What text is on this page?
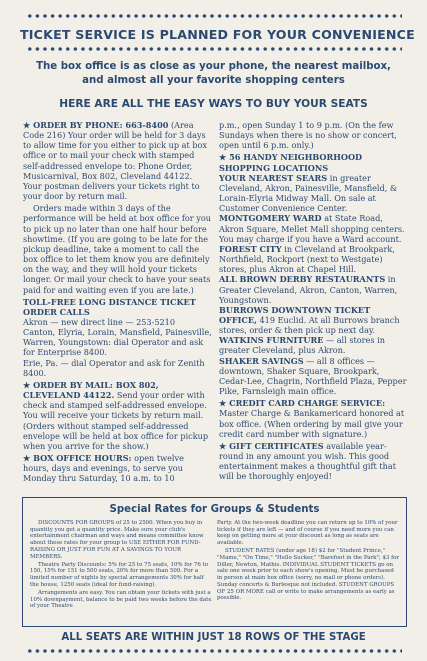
TICKET SERVICE IS PLANNED FOR YOUR CONVENIENCE
The box office is as close as your phone, the nearest mailbox,
and almost all your favorite shopping centers
HERE ARE ALL THE EASY WAYS TO BUY YOUR SEATS

★ ORDER BY PHONE: 663-8400 (Area Code 216) Your order will be held for 3 days to allow time for you either to pick up at box office or to mail your check with stamped self-addressed envelope to: Phone Order, Musicarnival, Box 802, Cleveland 44122. Your postman delivers your tickets right to your door by return mail.

Orders made within 3 days of the performance will be held at box office for you to pick up no later than one half hour before showtime. (If you are going to be late for the pickup deadline, take a moment to call the box office to let them know you are definitely on the way, and they will hold your tickets longer. Or mail your check to have your seats paid for and waiting even if you are late.)

TOLL-FREE LONG DISTANCE TICKET ORDER CALLS

Akron — new direct line — 253-5210

Canton, Elyria, Lorain, Mansfield, Painesville, Warren, Youngstown: dial Operator and ask for Enterprise 8400.

Erie, Pa. — dial Operator and ask for Zenith 8400.

★ ORDER BY MAIL: BOX 802, CLEVELAND 44122. Send your order with check and stamped self-addressed envelope. You will receive your tickets by return mail. (Orders without stamped self-addressed envelope will be held at box office for pickup when you arrive for the show.)

★ BOX OFFICE HOURS: open twelve hours, days and evenings, to serve you Monday thru Saturday, 10 a.m. to 10

p.m., open Sunday 1 to 9 p.m. (On the few Sundays when there is no show or concert, open until 6 p.m. only.)

★ 56 HANDY NEIGHBORHOOD SHOPPING LOCATIONS

YOUR NEAREST SEARS in greater Cleveland, Akron, Painesville, Mansfield, & Lorain-Elyria Midway Mall. On sale at Customer Convenience Center.

MONTGOMERY WARD at State Road, Akron Square, Mellet Mall shopping centers. You may charge if you have a Ward account.

FOREST CITY in Cleveland at Brookpark, Northfield, Rockport (next to Westgate) stores, plus Akron at Chapel Hill.

ALL BROWN DERBY RESTAURANTS in Greater Cleveland, Akron, Canton, Warren, Youngstown.

BURROWS DOWNTOWN TICKET OFFICE, 419 Euclid. At all Burrows branch stores, order & then pick up next day.

WATKINS FURNITURE — all stores in greater Cleveland, plus Akron.

SHAKER SAVINGS — all 8 offices — downtown, Shaker Square, Brookpark, Cedar-Lee, Chagrin, Northfield Plaza, Pepper Pike, Farnsleigh main office.

★ CREDIT CARD CHARGE SERVICE: Master Charge & Bankamericard honored at box office. (When ordering by mail give your credit card number with signature.)

★ GIFT CERTIFICATES available year-round in any amount you wish. This good entertainment makes a thoughtful gift that will be thoroughly enjoyed!

Special Rates for Groups & Students

DISCOUNTS FOR GROUPS of 25 to 2500. When you buy in quantity you get a quantity price. Make sure your club's entertainment chairman and ways and means committee know about these rates for your group to USE EITHER FOR FUND-RAISING OR JUST FOR FUN AT A SAVINGS TO YOUR MEMBERS.

Theatre Party Discounts: 5% for 25 to 75 seats, 10% for 76 to 150, 15% for 151 to 500 seats, 20% for more than 500. For a limited number of nights by special arrangements 30% for half the house, 1250 seats (ideal for fund-raising).

Arrangements are easy. You can obtain your tickets with just a 10% downpayment, balance to be paid two weeks before the date of your Theatre

Party. At the two-week deadline you can return up to 10% of your tickets if they are left — and of course if you need more you can keep on getting more at your discount as long as seats are available.

STUDENT RATES (under age 18) $2 for "Student Prince," "Mame," "On Time," "Hello Sucker," "Barefoot in the Park"; $3 for Diller, Newton, Mathis. INDIVIDUAL STUDENT TICKETS go on sale one week prior to each show's opening. Must be purchased in person at main box office (sorry, no mail or phone orders). Sunday concerts & Burlesque not included. STUDENT GROUPS OF 25 OR MORE call or write to make arrangements as early as possible.

ALL SEATS ARE WITHIN JUST 18 ROWS OF THE STAGE
